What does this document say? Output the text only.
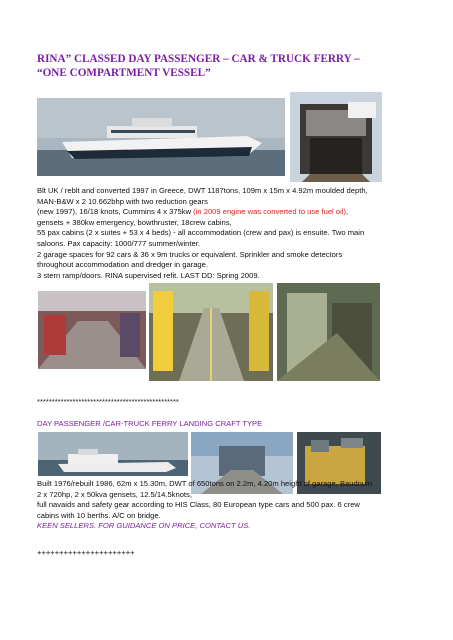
RINA” CLASSED DAY PASSENGER – CAR & TRUCK FERRY –
“ONE COMPARTMENT VESSEL”
Blt UK / reblt and converted 1997 in Greece, DWT 1187tons, 109m x 15m x 4.92m moulded depth,
MAN-B&W x 2 10.662bhp with two reduction gears
(new 1997), 16/18 knots, Cummins 4 x 375kw (in 2009 engine was converted to use fuel oil),
gensets + 380kw emergency, bowthruster, 18crew cabins,
55 pax cabins (2 x suites + 53 x 4 beds) - all accommodation (crew and pax) is ensuite. Two main
saloons. Pax capacity: 1000/777 summer/winter.
2 garage spaces for 92 cars & 36 x 9m trucks or equivalent. Sprinkler and smoke detectors
throughout accommodation and dredger in garage.
3 stern ramp/doors. RINA supervised refit. LAST DD: Spring 2009.
************************************************
DAY PASSENGER /CAR-TRUCK FERRY LANDING CRAFT TYPE
Built 1976/rebuilt 1986, 62m x 15.30m, DWT of 650tons on 2.2m, 4.20m height of garage, Baudouin
2 x 720hp, 2 x 50kva gensets, 12.5/14.5knots,
full navaids and safety gear according to HIS Class, 80 European type cars and 500 pax. 6 crew
cabins with 10 berths. A/C on bridge.
KEEN SELLERS. FOR GUIDANCE ON PRICE, CONTACT US.
++++++++++++++++++++++
